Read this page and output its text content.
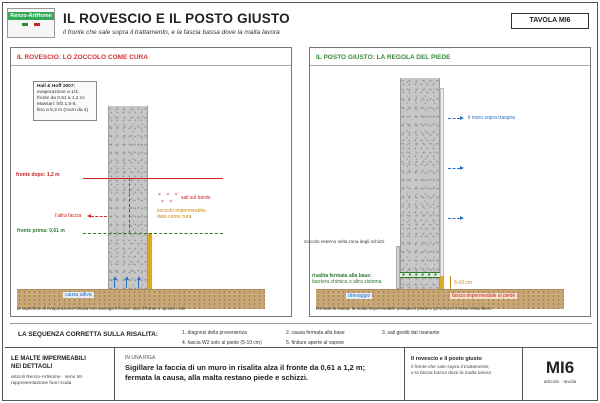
Renzo-ArtHome IL ROVESCIO E IL POSTO GIUSTO
il fronte che sale sopra il trattamento, e la fascia bassa dove la malta lavora
TAVOLA MI6
IL ROVESCIO: LO ZOCCOLO COME CURA
Hall & Hoff 2007:
evaporazione a 1/4,
fronte da 0,61 a 1,2 m;
Massari: h/b 1,5-5,
fino a 5,3 m (muro da 4)
fronte dopo: 1,2 m
l'altra faccia
fronte prima: 0,61 m
× × ×
× ×
sali sul bordo
zoccolo impermeabile,
dato come cura
causa attiva
la superficie di evaporazione chiusa non asciuga il fronte: alza il fronte e sposta i sali
IL POSTO GIUSTO: LA REGOLA DEL PIEDE
● ● ● ● ● ●
il muro sopra traspira
zoccolo esterno nella zona degli schizzi
risalita fermata alla base:
barriera chimica o altra sistema	5-10 cm
drenaggio	fascia impermeabile al piede
fermata la causa, la malta impermeabile presidia il piede e gli schizzi; il resto resta libero
LA SEQUENZA CORRETTA SULLA RISALITA:	1. diagnosi della provenienza	2. causa fermata alla base	3. sali gestiti dal risanante
4. fascia W2 solo al piede (5-10 cm)	5. finiture aperte al vapore
LE MALTE IMPERMEABILI
NEI DETTAGLI
articoli Renzo-ArtHome · serie MI
rappresentazione fuori scala
IN UNA RIGA
Sigillare la faccia di un muro in risalita alza il fronte da 0,61 a 1,2 m; fermata la causa, alla malta restano piede e schizzi.
Il rovescio e il posto giusto
il fronte che sale sopra il trattamento,
e la fascia bassa dove la malta lavora	MI6
articolo · tavola
